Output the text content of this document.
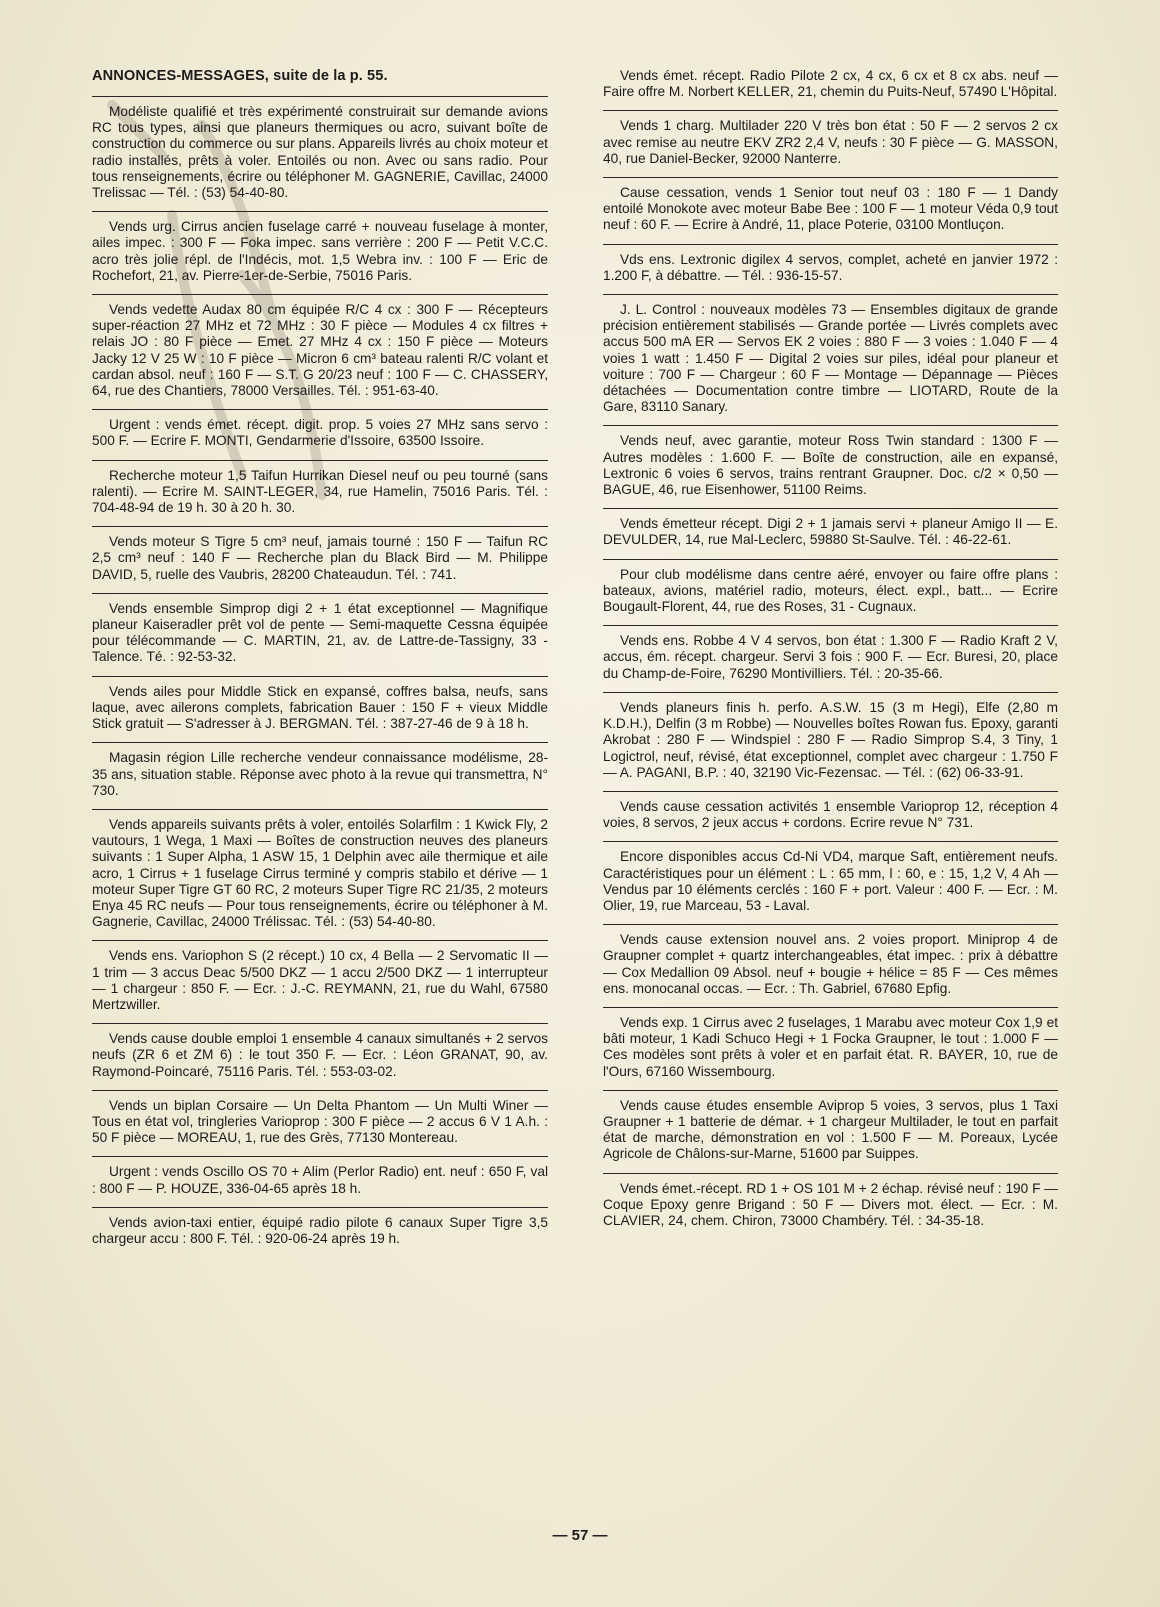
ANNONCES-MESSAGES, suite de la p. 55.
Modéliste qualifié et très expérimenté construirait sur demande avions RC tous types, ainsi que planeurs thermiques ou acro, suivant boîte de construction du commerce ou sur plans. Appareils livrés au choix moteur et radio installés, prêts à voler. Entoilés ou non. Avec ou sans radio. Pour tous renseignements, écrire ou téléphoner M. GAGNERIE, Cavillac, 24000 Trelissac — Tél. : (53) 54-40-80.
Vends urg. Cirrus ancien fuselage carré + nouveau fuselage à monter, ailes impec. : 300 F — Foka impec. sans verrière : 200 F — Petit V.C.C. acro très jolie répl. de l'Indécis, mot. 1,5 Webra inv. : 100 F — Eric de Rochefort, 21, av. Pierre-1er-de-Serbie, 75016 Paris.
Vends vedette Audax 80 cm équipée R/C 4 cx : 300 F — Récepteurs super-réaction 27 MHz et 72 MHz : 30 F pièce — Modules 4 cx filtres + relais JO : 80 F pièce — Emet. 27 MHz 4 cx : 150 F pièce — Moteurs Jacky 12 V 25 W : 10 F pièce — Micron 6 cm³ bateau ralenti R/C volant et cardan absol. neuf : 160 F — S.T. G 20/23 neuf : 100 F — C. CHASSERY, 64, rue des Chantiers, 78000 Versailles. Tél. : 951-63-40.
Urgent : vends émet. récept. digit. prop. 5 voies 27 MHz sans servo : 500 F. — Ecrire F. MONTI, Gendarmerie d'Issoire, 63500 Issoire.
Recherche moteur 1,5 Taifun Hurrikan Diesel neuf ou peu tourné (sans ralenti). — Ecrire M. SAINT-LEGER, 34, rue Hamelin, 75016 Paris. Tél. : 704-48-94 de 19 h. 30 à 20 h. 30.
Vends moteur S Tigre 5 cm³ neuf, jamais tourné : 150 F — Taifun RC 2,5 cm³ neuf : 140 F — Recherche plan du Black Bird — M. Philippe DAVID, 5, ruelle des Vaubris, 28200 Chateaudun. Tél. : 741.
Vends ensemble Simprop digi 2 + 1 état exceptionnel — Magnifique planeur Kaiseradler prêt vol de pente — Semi-maquette Cessna équipée pour télécommande — C. MARTIN, 21, av. de Lattre-de-Tassigny, 33 - Talence. Té. : 92-53-32.
Vends ailes pour Middle Stick en expansé, coffres balsa, neufs, sans laque, avec ailerons complets, fabrication Bauer : 150 F + vieux Middle Stick gratuit — S'adresser à J. BERGMAN. Tél. : 387-27-46 de 9 à 18 h.
Magasin région Lille recherche vendeur connaissance modélisme, 28-35 ans, situation stable. Réponse avec photo à la revue qui transmettra, N° 730.
Vends appareils suivants prêts à voler, entoilés Solarfilm : 1 Kwick Fly, 2 vautours, 1 Wega, 1 Maxi — Boîtes de construction neuves des planeurs suivants : 1 Super Alpha, 1 ASW 15, 1 Delphin avec aile thermique et aile acro, 1 Cirrus + 1 fuselage Cirrus terminé y compris stabilo et dérive — 1 moteur Super Tigre GT 60 RC, 2 moteurs Super Tigre RC 21/35, 2 moteurs Enya 45 RC neufs — Pour tous renseignements, écrire ou téléphoner à M. Gagnerie, Cavillac, 24000 Trélissac. Tél. : (53) 54-40-80.
Vends ens. Variophon S (2 récept.) 10 cx, 4 Bella — 2 Servomatic II — 1 trim — 3 accus Deac 5/500 DKZ — 1 accu 2/500 DKZ — 1 interrupteur — 1 chargeur : 850 F. — Ecr. : J.-C. REYMANN, 21, rue du Wahl, 67580 Mertzwiller.
Vends cause double emploi 1 ensemble 4 canaux simultanés + 2 servos neufs (ZR 6 et ZM 6) : le tout 350 F. — Ecr. : Léon GRANAT, 90, av. Raymond-Poincaré, 75116 Paris. Tél. : 553-03-02.
Vends un biplan Corsaire — Un Delta Phantom — Un Multi Winer — Tous en état vol, tringleries Varioprop : 300 F pièce — 2 accus 6 V 1 A.h. : 50 F pièce — MOREAU, 1, rue des Grès, 77130 Montereau.
Urgent : vends Oscillo OS 70 + Alim (Perlor Radio) ent. neuf : 650 F, val : 800 F — P. HOUZE, 336-04-65 après 18 h.
Vends avion-taxi entier, équipé radio pilote 6 canaux Super Tigre 3,5 chargeur accu : 800 F. Tél. : 920-06-24 après 19 h.
Vends émet. récept. Radio Pilote 2 cx, 4 cx, 6 cx et 8 cx abs. neuf — Faire offre M. Norbert KELLER, 21, chemin du Puits-Neuf, 57490 L'Hôpital.
Vends 1 charg. Multilader 220 V très bon état : 50 F — 2 servos 2 cx avec remise au neutre EKV ZR2 2,4 V, neufs : 30 F pièce — G. MASSON, 40, rue Daniel-Becker, 92000 Nanterre.
Cause cessation, vends 1 Senior tout neuf 03 : 180 F — 1 Dandy entoilé Monokote avec moteur Babe Bee : 100 F — 1 moteur Véda 0,9 tout neuf : 60 F. — Ecrire à André, 11, place Poterie, 03100 Montluçon.
Vds ens. Lextronic digilex 4 servos, complet, acheté en janvier 1972 : 1.200 F, à débattre. — Tél. : 936-15-57.
J. L. Control : nouveaux modèles 73 — Ensembles digitaux de grande précision entièrement stabilisés — Grande portée — Livrés complets avec accus 500 mA ER — Servos EK 2 voies : 880 F — 3 voies : 1.040 F — 4 voies 1 watt : 1.450 F — Digital 2 voies sur piles, idéal pour planeur et voiture : 700 F — Chargeur : 60 F — Montage — Dépannage — Pièces détachées — Documentation contre timbre — LIOTARD, Route de la Gare, 83110 Sanary.
Vends neuf, avec garantie, moteur Ross Twin standard : 1300 F — Autres modèles : 1.600 F. — Boîte de construction, aile en expansé, Lextronic 6 voies 6 servos, trains rentrant Graupner. Doc. c/2 × 0,50 — BAGUE, 46, rue Eisenhower, 51100 Reims.
Vends émetteur récept. Digi 2 + 1 jamais servi + planeur Amigo II — E. DEVULDER, 14, rue Mal-Leclerc, 59880 St-Saulve. Tél. : 46-22-61.
Pour club modélisme dans centre aéré, envoyer ou faire offre plans : bateaux, avions, matériel radio, moteurs, élect. expl., batt... — Ecrire Bougault-Florent, 44, rue des Roses, 31 - Cugnaux.
Vends ens. Robbe 4 V 4 servos, bon état : 1.300 F — Radio Kraft 2 V, accus, ém. récept. chargeur. Servi 3 fois : 900 F. — Ecr. Buresi, 20, place du Champ-de-Foire, 76290 Montivilliers. Tél. : 20-35-66.
Vends planeurs finis h. perfo. A.S.W. 15 (3 m Hegi), Elfe (2,80 m K.D.H.), Delfin (3 m Robbe) — Nouvelles boîtes Rowan fus. Epoxy, garanti Akrobat : 280 F — Windspiel : 280 F — Radio Simprop S.4, 3 Tiny, 1 Logictrol, neuf, révisé, état exceptionnel, complet avec chargeur : 1.750 F — A. PAGANI, B.P. : 40, 32190 Vic-Fezensac. — Tél. : (62) 06-33-91.
Vends cause cessation activités 1 ensemble Varioprop 12, réception 4 voies, 8 servos, 2 jeux accus + cordons. Ecrire revue N° 731.
Encore disponibles accus Cd-Ni VD4, marque Saft, entièrement neufs. Caractéristiques pour un élément : L : 65 mm, l : 60, e : 15, 1,2 V, 4 Ah — Vendus par 10 éléments cerclés : 160 F + port. Valeur : 400 F. — Ecr. : M. Olier, 19, rue Marceau, 53 - Laval.
Vends cause extension nouvel ans. 2 voies proport. Miniprop 4 de Graupner complet + quartz interchangeables, état impec. : prix à débattre — Cox Medallion 09 Absol. neuf + bougie + hélice = 85 F — Ces mêmes ens. monocanal occas. — Ecr. : Th. Gabriel, 67680 Epfig.
Vends exp. 1 Cirrus avec 2 fuselages, 1 Marabu avec moteur Cox 1,9 et bâti moteur, 1 Kadi Schuco Hegi + 1 Focka Graupner, le tout : 1.000 F — Ces modèles sont prêts à voler et en parfait état. R. BAYER, 10, rue de l'Ours, 67160 Wissembourg.
Vends cause études ensemble Aviprop 5 voies, 3 servos, plus 1 Taxi Graupner + 1 batterie de démar. + 1 chargeur Multilader, le tout en parfait état de marche, démonstration en vol : 1.500 F — M. Poreaux, Lycée Agricole de Châlons-sur-Marne, 51600 par Suippes.
Vends émet.-récept. RD 1 + OS 101 M + 2 échap. révisé neuf : 190 F — Coque Epoxy genre Brigand : 50 F — Divers mot. élect. — Ecr. : M. CLAVIER, 24, chem. Chiron, 73000 Chambéry. Tél. : 34-35-18.
— 57 —
